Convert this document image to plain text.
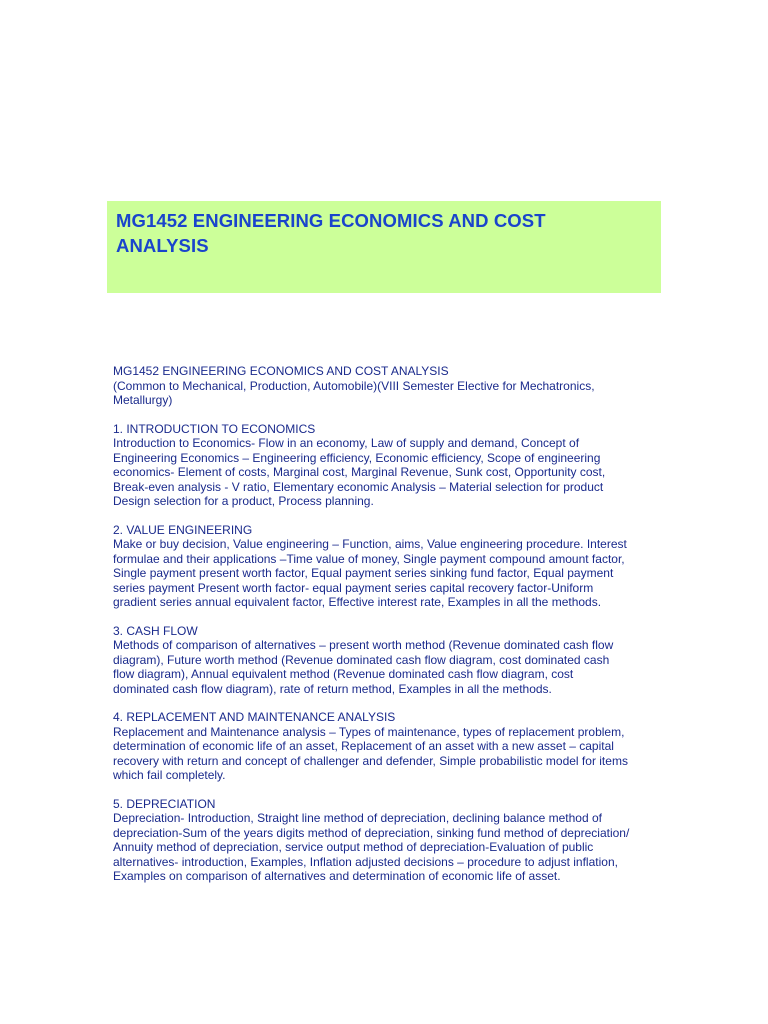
MG1452 ENGINEERING ECONOMICS AND COST
ANALYSIS
MG1452 ENGINEERING ECONOMICS AND COST ANALYSIS
(Common to Mechanical, Production, Automobile)(VIII Semester Elective for Mechatronics,
Metallurgy)
1. INTRODUCTION TO ECONOMICS
Introduction to Economics- Flow in an economy, Law of supply and demand, Concept of
Engineering Economics – Engineering efficiency, Economic efficiency, Scope of engineering
economics- Element of costs, Marginal cost, Marginal Revenue, Sunk cost, Opportunity cost,
Break-even analysis - V ratio, Elementary economic Analysis – Material selection for product
Design selection for a product, Process planning.
2. VALUE ENGINEERING
Make or buy decision, Value engineering – Function, aims, Value engineering procedure. Interest
formulae and their applications –Time value of money, Single payment compound amount factor,
Single payment present worth factor, Equal payment series sinking fund factor, Equal payment
series payment Present worth factor- equal payment series capital recovery factor-Uniform
gradient series annual equivalent factor, Effective interest rate, Examples in all the methods.
3. CASH FLOW
Methods of comparison of alternatives – present worth method (Revenue dominated cash flow
diagram), Future worth method (Revenue dominated cash flow diagram, cost dominated cash
flow diagram), Annual equivalent method (Revenue dominated cash flow diagram, cost
dominated cash flow diagram), rate of return method, Examples in all the methods.
4. REPLACEMENT AND MAINTENANCE ANALYSIS
Replacement and Maintenance analysis – Types of maintenance, types of replacement problem,
determination of economic life of an asset, Replacement of an asset with a new asset – capital
recovery with return and concept of challenger and defender, Simple probabilistic model for items
which fail completely.
5. DEPRECIATION
Depreciation- Introduction, Straight line method of depreciation, declining balance method of
depreciation-Sum of the years digits method of depreciation, sinking fund method of depreciation/
Annuity method of depreciation, service output method of depreciation-Evaluation of public
alternatives- introduction, Examples, Inflation adjusted decisions – procedure to adjust inflation,
Examples on comparison of alternatives and determination of economic life of asset.
